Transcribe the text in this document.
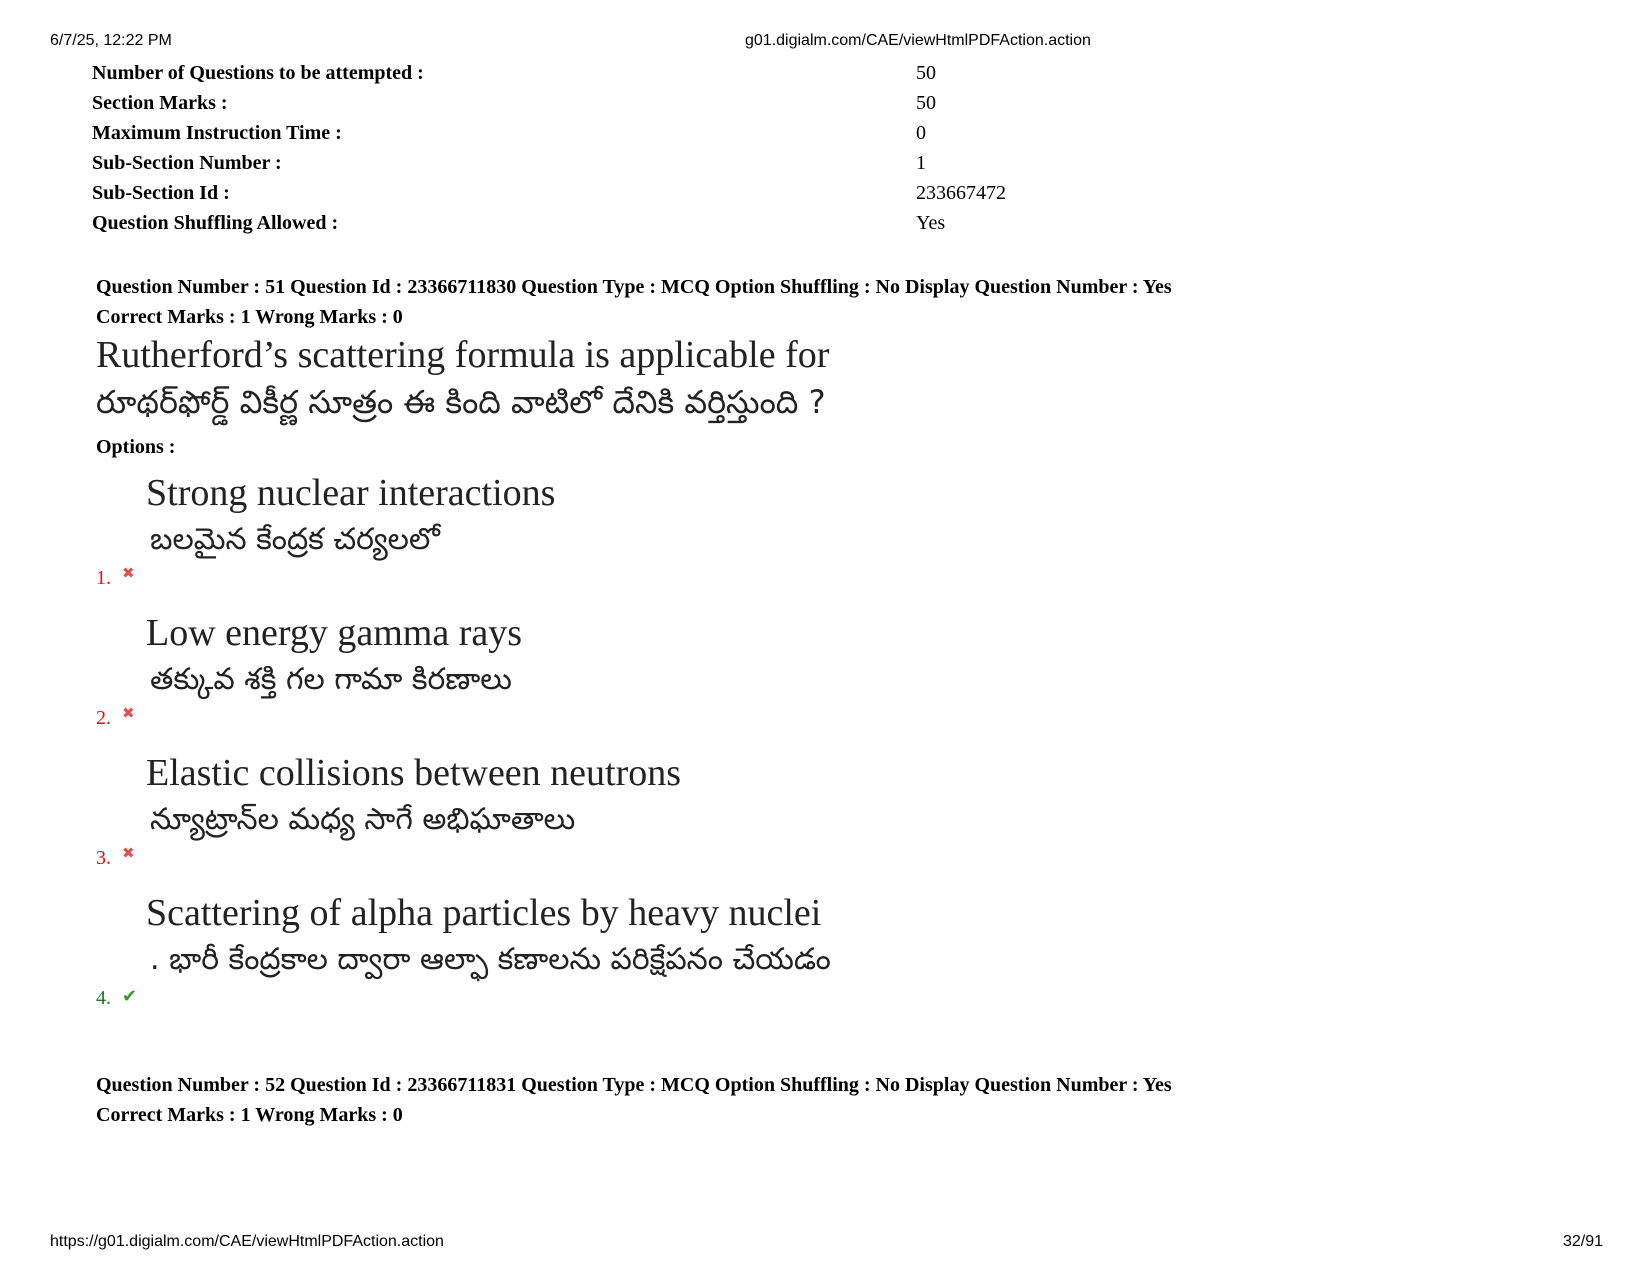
6/7/25, 12:22 PM	g01.digialm.com/CAE/viewHtmlPDFAction.action
Number of Questions to be attempted :	50
Section Marks :	50
Maximum Instruction Time :	0
Sub-Section Number :	1
Sub-Section Id :	233667472
Question Shuffling Allowed :	Yes
Question Number : 51 Question Id : 23366711830 Question Type : MCQ Option Shuffling : No Display Question Number : Yes
Correct Marks : 1 Wrong Marks : 0
Rutherford’s scattering formula is applicable for
రూథర్‌ఫోర్డ్ వికీర్ణ సూత్రం ఈ కింది వాటిలో దేనికి వర్తిస్తుంది ?
Options :
Strong nuclear interactions
బలమైన కేంద్రక చర్యలలో
1. ✖
Low energy gamma rays
తక్కువ శక్తి గల గామా కిరణాలు
2. ✖
Elastic collisions between neutrons
న్యూట్రాన్‌ల మధ్య సాగే అభిఘాతాలు
3. ✖
Scattering of alpha particles by heavy nuclei
. భారీ కేంద్రకాల ద్వారా ఆల్ఫా కణాలను పరిక్షేపనం చేయడం
4. ✔
Question Number : 52 Question Id : 23366711831 Question Type : MCQ Option Shuffling : No Display Question Number : Yes
Correct Marks : 1 Wrong Marks : 0
https://g01.digialm.com/CAE/viewHtmlPDFAction.action	32/91
